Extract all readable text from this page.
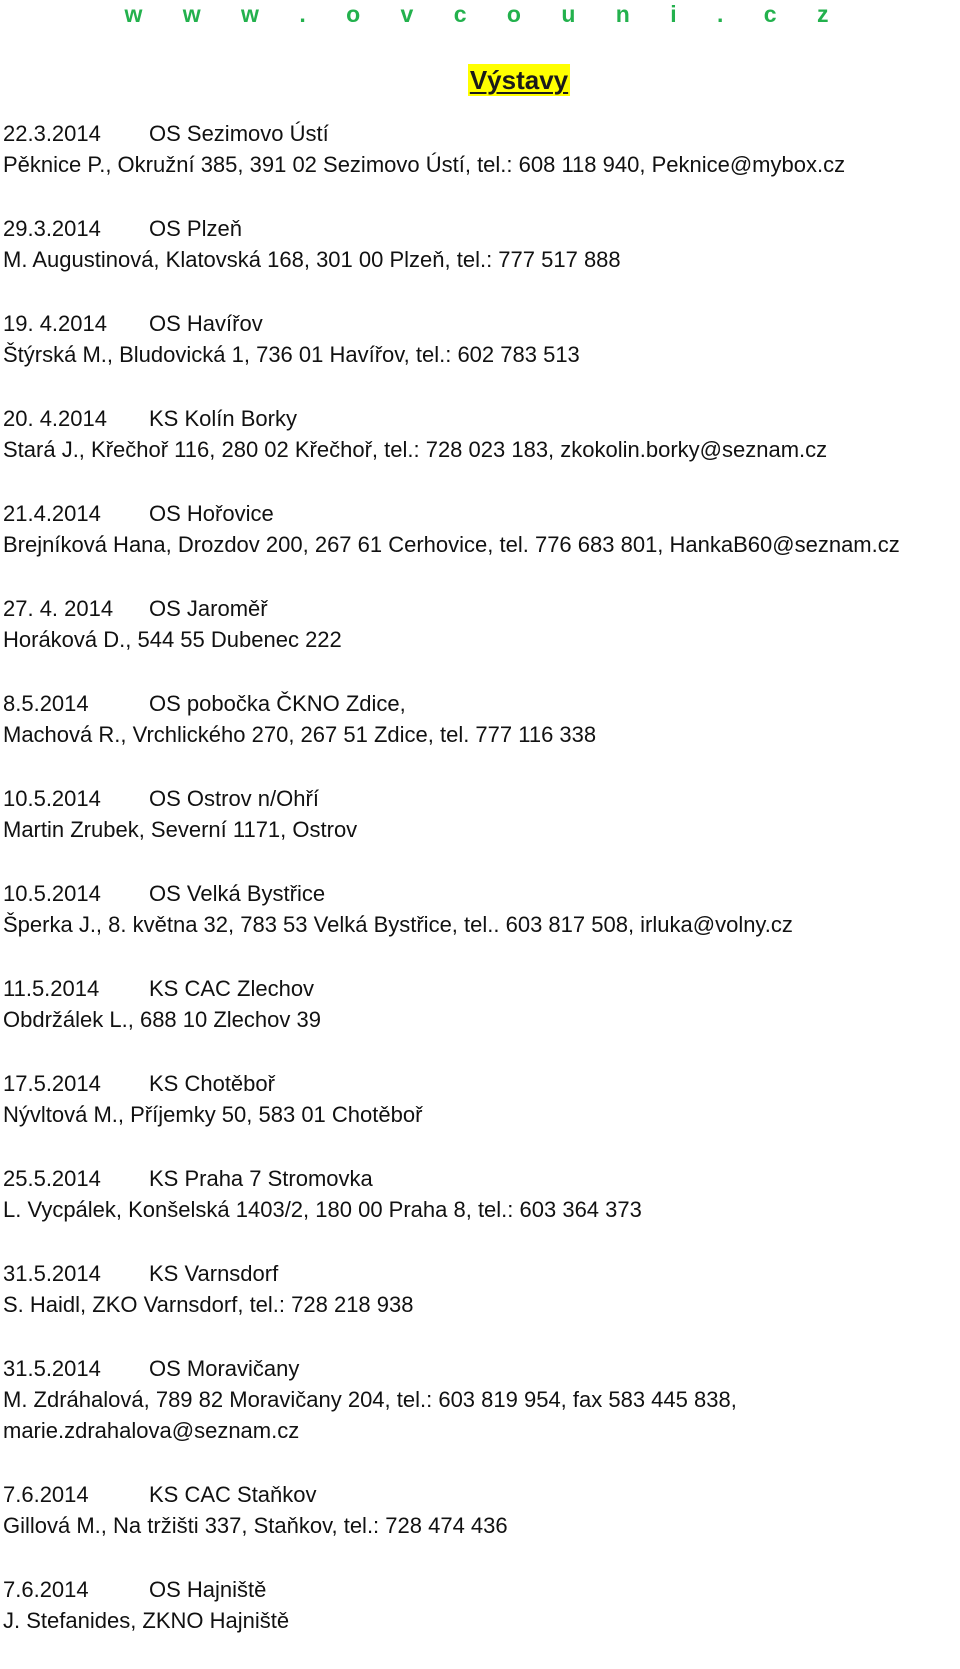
w w w . o v c o u n i . c z
Výstavy
22.3.2014 OS Sezimovo Ústí
Pěknice P., Okružní 385, 391 02 Sezimovo Ústí, tel.: 608 118 940, Peknice@mybox.cz
29.3.2014 OS Plzeň
M. Augustinová, Klatovská 168, 301 00 Plzeň, tel.: 777 517 888
19. 4.2014 OS Havířov
Štýrská M., Bludovická 1, 736 01 Havířov, tel.: 602 783 513
20. 4.2014 KS Kolín Borky
Stará J., Křečhoř 116, 280 02 Křečhoř, tel.: 728 023 183, zkokolin.borky@seznam.cz
21.4.2014 OS Hořovice
Brejníková Hana, Drozdov 200, 267 61 Cerhovice, tel. 776 683 801, HankaB60@seznam.cz
27. 4. 2014 OS Jaroměř
Horáková D., 544 55 Dubenec 222
8.5.2014	OS pobočka ČKNO Zdice,
Machová R., Vrchlického 270, 267 51 Zdice, tel. 777 116 338
10.5.2014 OS Ostrov n/Ohří
Martin Zrubek, Severní 1171, Ostrov
10.5.2014 OS Velká Bystřice
Šperka J., 8. května 32, 783 53 Velká Bystřice, tel.. 603 817 508, irluka@volny.cz
11.5.2014 KS CAC Zlechov
Obdržálek L., 688 10 Zlechov 39
17.5.2014 KS Chotěboř
Nývltová M., Příjemky 50, 583 01 Chotěboř
25.5.2014 KS Praha 7 Stromovka
L. Vycpálek, Konšelská 1403/2, 180 00 Praha 8, tel.: 603 364 373
31.5.2014 KS Varnsdorf
S. Haidl, ZKO Varnsdorf, tel.: 728 218 938
31.5.2014 OS Moravičany
M. Zdráhalová, 789 82 Moravičany 204, tel.: 603 819 954, fax 583 445 838, marie.zdrahalova@seznam.cz
7.6.2014	KS CAC Staňkov
Gillová M., Na tržišti 337, Staňkov, tel.: 728 474 436
7.6.2014	OS Hajniště
J. Stefanides, ZKNO Hajniště
